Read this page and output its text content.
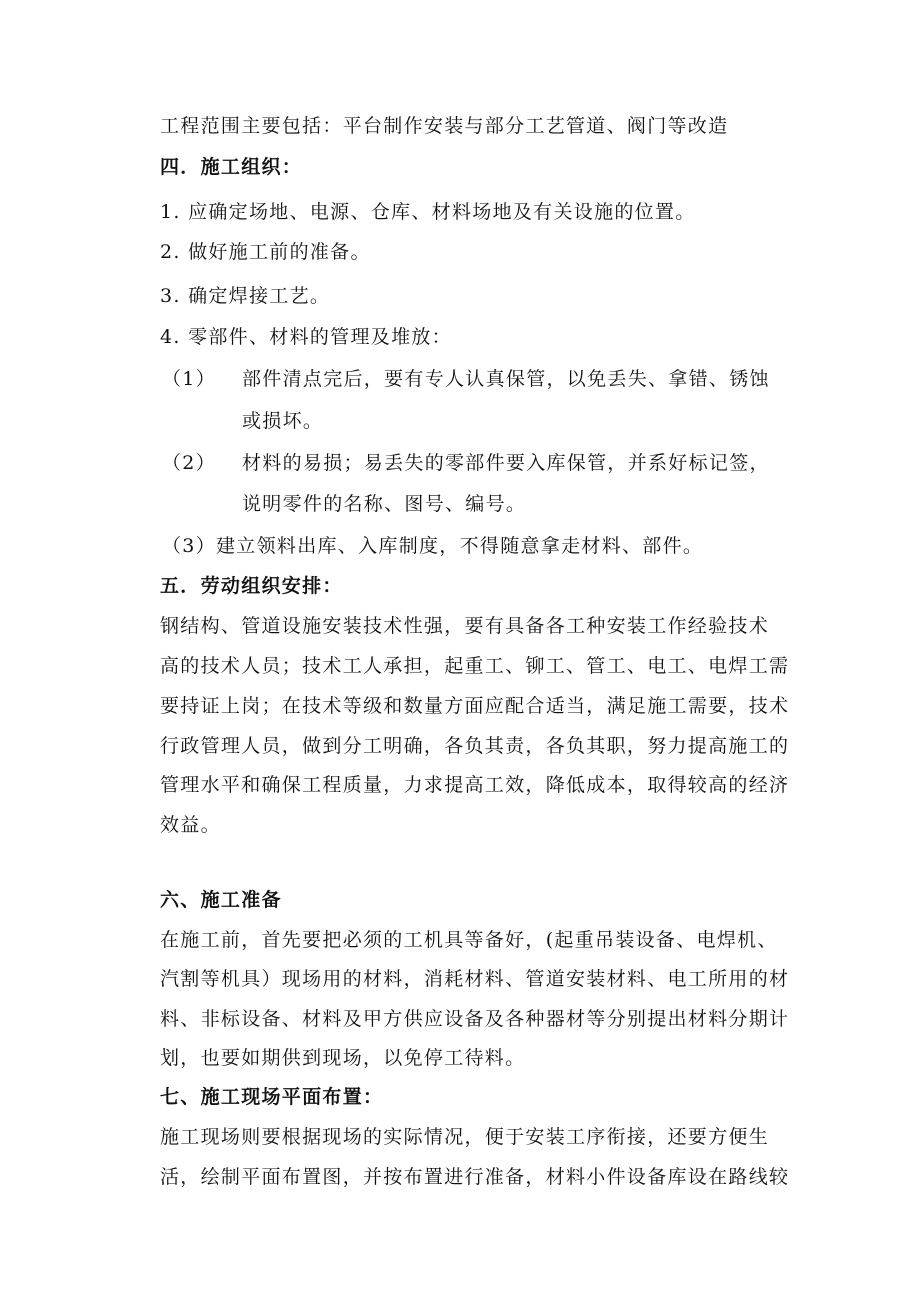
工程范围主要包括：平台制作安装与部分工艺管道、阀门等改造
四．施工组织：
1. 应确定场地、电源、仓库、材料场地及有关设施的位置。
2. 做好施工前的准备。
3. 确定焊接工艺。
4. 零部件、材料的管理及堆放：
（1） 部件清点完后，要有专人认真保管，以免丢失、拿错、锈蚀
或损坏。
（2） 材料的易损；易丢失的零部件要入库保管，并系好标记签，
说明零件的名称、图号、编号。
（3）建立领料出库、入库制度，不得随意拿走材料、部件。
五．劳动组织安排：
钢结构、管道设施安装技术性强，要有具备各工种安装工作经验技术
高的技术人员；技术工人承担，起重工、铆工、管工、电工、电焊工需
要持证上岗；在技术等级和数量方面应配合适当，满足施工需要，技术
行政管理人员，做到分工明确，各负其责，各负其职，努力提高施工的
管理水平和确保工程质量，力求提高工效，降低成本，取得较高的经济
效益。
六、施工准备
在施工前，首先要把必须的工机具等备好，(起重吊装设备、电焊机、
汽割等机具）现场用的材料，消耗材料、管道安装材料、电工所用的材
料、非标设备、材料及甲方供应设备及各种器材等分别提出材料分期计
划，也要如期供到现场，以免停工待料。
七、施工现场平面布置：
施工现场则要根据现场的实际情况，便于安装工序衔接，还要方便生
活，绘制平面布置图，并按布置进行准备，材料小件设备库设在路线较
